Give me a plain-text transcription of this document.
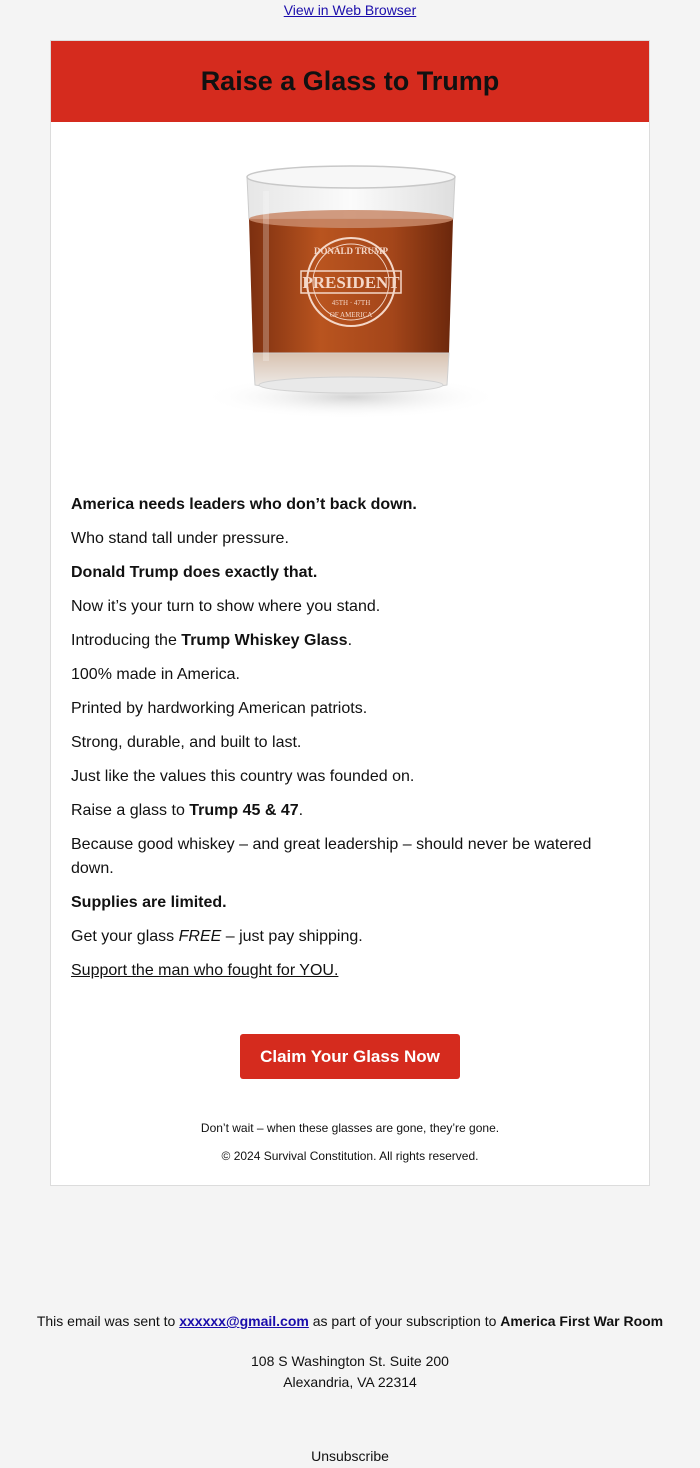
View in Web Browser
Raise a Glass to Trump
DONALD TRUMP
PRESIDENT
45TH · 47TH
OF AMERICA

America needs leaders who don’t back down.

Who stand tall under pressure.

Donald Trump does exactly that.

Now it’s your turn to show where you stand.

Introducing the Trump Whiskey Glass.

100% made in America.

Printed by hardworking American patriots.

Strong, durable, and built to last.

Just like the values this country was founded on.

Raise a glass to Trump 45 & 47.

Because good whiskey – and great leadership – should never be watered down.

Supplies are limited.

Get your glass FREE – just pay shipping.

Support the man who fought for YOU.

Claim Your Glass Now
Don’t wait – when these glasses are gone, they’re gone.
© 2024 Survival Constitution. All rights reserved.
This email was sent to xxxxxx@gmail.com as part of your subscription to America First War Room
108 S Washington St. Suite 200
Alexandria, VA 22314
Unsubscribe
